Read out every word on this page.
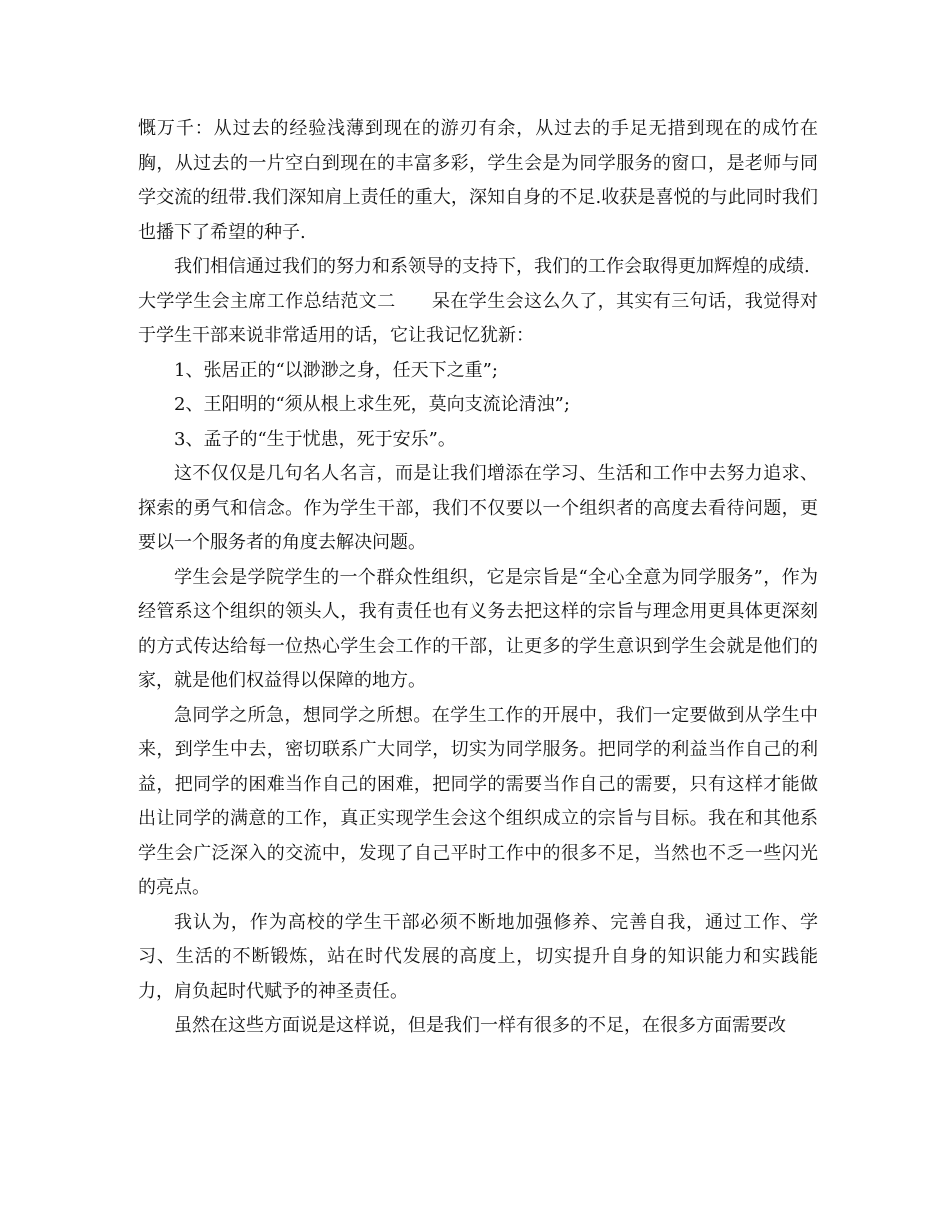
慨万千：从过去的经验浅薄到现在的游刃有余，从过去的手足无措到现在的成竹在胸，从过去的一片空白到现在的丰富多彩，学生会是为同学服务的窗口，是老师与同学交流的纽带.我们深知肩上责任的重大，深知自身的不足.收获是喜悦的与此同时我们也播下了希望的种子.

我们相信通过我们的努力和系领导的支持下，我们的工作会取得更加辉煌的成绩.

大学学生会主席工作总结范文二 呆在学生会这么久了，其实有三句话，我觉得对于学生干部来说非常适用的话，它让我记忆犹新：

1、张居正的“以渺渺之身，任天下之重”;

2、王阳明的“须从根上求生死，莫向支流论清浊”;

3、孟子的“生于忧患，死于安乐”。

这不仅仅是几句名人名言，而是让我们增添在学习、生活和工作中去努力追求、探索的勇气和信念。作为学生干部，我们不仅要以一个组织者的高度去看待问题，更要以一个服务者的角度去解决问题。

学生会是学院学生的一个群众性组织，它是宗旨是“全心全意为同学服务”，作为经管系这个组织的领头人，我有责任也有义务去把这样的宗旨与理念用更具体更深刻的方式传达给每一位热心学生会工作的干部，让更多的学生意识到学生会就是他们的家，就是他们权益得以保障的地方。

急同学之所急，想同学之所想。在学生工作的开展中，我们一定要做到从学生中来，到学生中去，密切联系广大同学，切实为同学服务。把同学的利益当作自己的利益，把同学的困难当作自己的困难，把同学的需要当作自己的需要，只有这样才能做出让同学的满意的工作，真正实现学生会这个组织成立的宗旨与目标。我在和其他系学生会广泛深入的交流中，发现了自己平时工作中的很多不足，当然也不乏一些闪光的亮点。

我认为，作为高校的学生干部必须不断地加强修养、完善自我，通过工作、学习、生活的不断锻炼，站在时代发展的高度上，切实提升自身的知识能力和实践能力，肩负起时代赋予的神圣责任。

虽然在这些方面说是这样说，但是我们一样有很多的不足，在很多方面需要改
